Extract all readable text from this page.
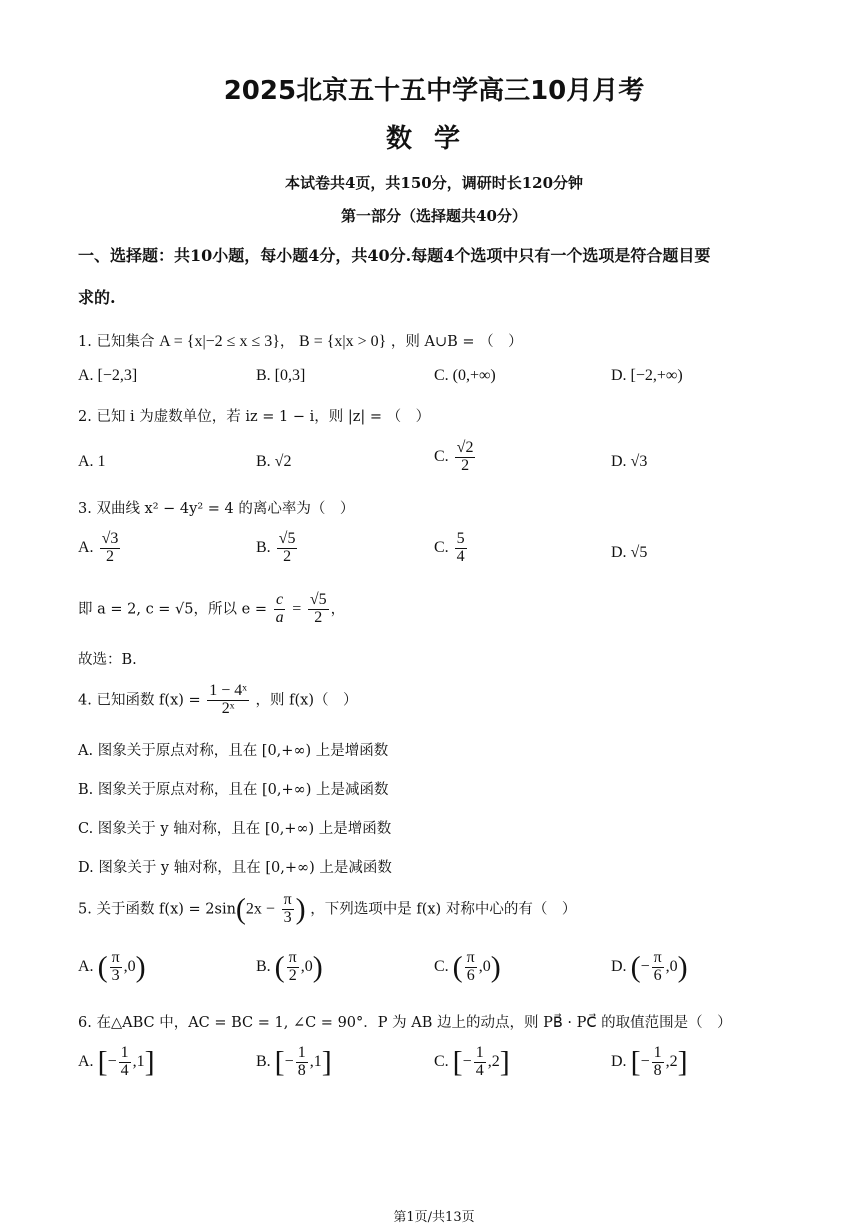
2025北京五十五中学高三10月月考
数学
本试卷共4页，共150分，调研时长120分钟
第一部分（选择题共40分）
一、选择题：共10小题，每小题4分，共40分.每题4个选项中只有一个选项是符合题目要
求的.
1. 已知集合 A = {x|−2 ≤ x ≤ 3}， B = {x|x > 0} ，则 A∪B = （　）
A. [−2,3]	B. [0,3]	C. (0,+∞)	D. [−2,+∞)
2. 已知 i 为虚数单位，若 iz = 1 − i，则 |z| = （　）
A. 1	B. √2	C. $\frac{√2}{2}$	D. √3
3. 双曲线 x² − 4y² = 4 的离心率为（　）
A. $\frac{√3}{2}$	B. $\frac{√5}{2}$	C. $\frac{5}{4}$	D. √5
即 a = 2, c = √5，所以 $e = \frac{c}{a} = \frac{√5}{2}$ ，
故选：B.
4. 已知函数 $f(x) = \frac{\text{1 − 4ˣ}}{\text{2ˣ}}$ ，则 f(x)（　）
A. 图象关于原点对称，且在 [0,+∞) 上是增函数
B. 图象关于原点对称，且在 [0,+∞) 上是减函数
C. 图象关于 y 轴对称，且在 [0,+∞) 上是增函数
D. 图象关于 y 轴对称，且在 [0,+∞) 上是减函数
5. 关于函数 $f(x) = 2\sin(2x - \frac{\pi}{3}$ ) ，下列选项中是 f(x) 对称中心的有（　）
A. ( $\frac{\pi}{3} ,0$)	B. ( $\frac{\pi}{2} ,0$)	C. ( $\frac{\pi}{6} ,0$)	D. (− $\frac{\pi}{6} ,0$)
6. 在△ABC 中，AC = BC = 1, ∠C = 90°．P 为 AB 边上的动点，则 PB⃗ · PC⃗ 的取值范围是（　）
A. [− $\frac{1}{4} ,1$]	B. [− $\frac{1}{8} ,1$]	C. [− $\frac{1}{4} ,2$]	D. [− $\frac{1}{8} ,2$]
第1页/共13页
